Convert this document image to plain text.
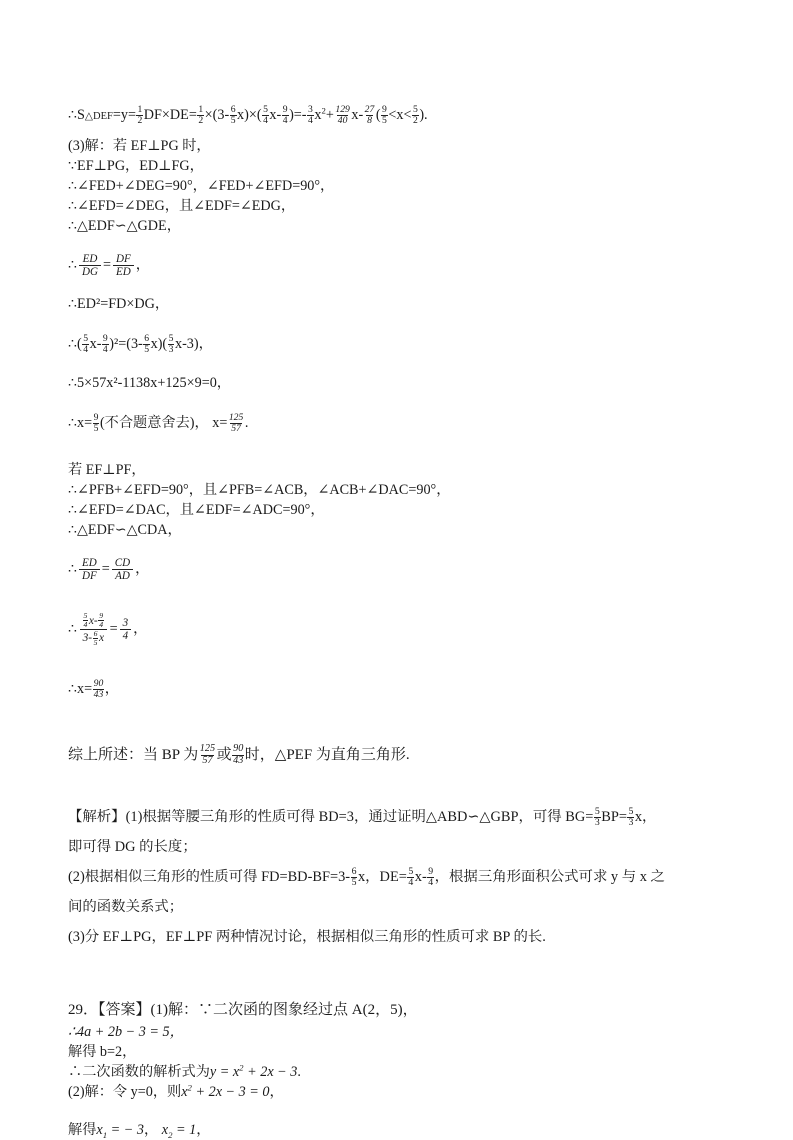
∴S△DEF=y= $\frac{1}{2} DF\times DE= \frac{1}{2} \times(3- \frac{6}{5} x)\times( \frac{5}{4} x- \frac{9}{4}$ )=- $\frac{3}{4} x^2+ \frac{129}{40} x- \frac{27}{8}$ ( $\frac{9}{5} <x< \frac{5}{2}$ ).
(3)解：若 EF⊥PG 时，
∵EF⊥PG，ED⊥FG，
∴∠FED+∠DEG=90°，∠FED+∠EFD=90°，
∴∠EFD=∠DEG，且∠EDF=∠EDG，
∴△EDF∽△GDE，
∴ $\frac{ED}{DG} = \frac{DF}{ED}$ ，
∴ED²=FD×DG，
∴( $\frac{5}{4} x- \frac{9}{4} )^2=(3- \frac{6}{5} x)( \frac{5}{3} x-3)$，
∴5×57x²-1138x+125×9=0，
∴x= $\frac{9}{5}$ (不合题意舍去)， $x= \frac{125}{57}$ .
若 EF⊥PF，
∴∠PFB+∠EFD=90°，且∠PFB=∠ACB，∠ACB+∠DAC=90°，
∴∠EFD=∠DAC，且∠EDF=∠ADC=90°，
∴△EDF∽△CDA，
∴ $\frac{ED}{DF} = \frac{CD}{AD}$ ，
∴ $\frac{\frac{5}{4} x- \frac{9}{4}}{3- \frac{6}{5} x} = \frac{3}{4}$ ，
∴x= $\frac{90}{43}$ ，
综上所述：当 BP 为 $\frac{125}{57}$ 或 $\frac{90}{43}$ 时，△PEF 为直角三角形.
【解析】(1)根据等腰三角形的性质可得 BD=3，通过证明△ABD∽△GBP，可得 $BG= \frac{5}{3} BP= \frac{5}{3}$ x，
即可得 DG 的长度；
(2)根据相似三角形的性质可得 $FD=BD-BF=3- \frac{6}{5}$ x，$DE= \frac{5}{4} x- \frac{9}{4}$ ，根据三角形面积公式可求 y 与 x 之
间的函数关系式；
(3)分 EF⊥PG，EF⊥PF 两种情况讨论，根据相似三角形的性质可求 BP 的长.
29．【答案】(1)解：∵二次函的图象经过点 A(2，5)，
∴4a + 2b − 3 = 5，
解得 b=2，
∴二次函数的解析式为$y = x^2 + 2x - 3$.
(2)解：令 y=0，则$x^2 + 2x - 3 = 0$，
解得$x_1$ = − 3， $x_2 = 1$，
